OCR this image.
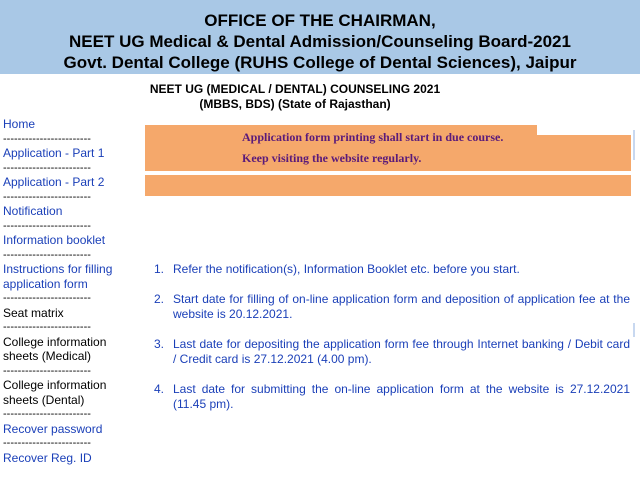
OFFICE OF THE CHAIRMAN,
NEET UG Medical & Dental Admission/Counseling Board-2021
Govt. Dental College (RUHS College of Dental Sciences), Jaipur
NEET UG (MEDICAL / DENTAL) COUNSELING 2021
(MBBS, BDS) (State of Rajasthan)
Home
------------------------
Application - Part 1
------------------------
Application - Part 2
------------------------
Notification
------------------------
Information booklet
------------------------
Instructions for filling
application form
------------------------
Seat matrix
------------------------
College information
sheets (Medical)
------------------------
College information
sheets (Dental)
------------------------
Recover password
------------------------
Recover Reg. ID
Application form printing shall start in due course.
Keep visiting the website regularly.
1. Refer the notification(s), Information Booklet etc. before you start.
2. Start date for filling of on-line application form and deposition of application fee at the website is 20.12.2021.
3. Last date for depositing the application form fee through Internet banking / Debit card / Credit card is 27.12.2021 (4.00 pm).
4. Last date for submitting the on-line application form at the website is 27.12.2021 (11.45 pm).
